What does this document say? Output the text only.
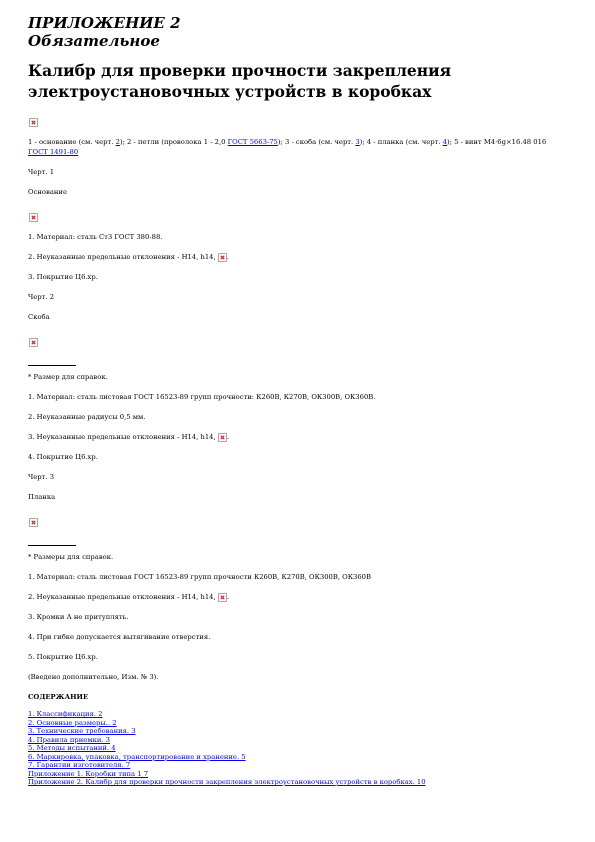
ПРИЛОЖЕНИЕ 2
Обязательное
Калибр для проверки прочности закрепления электроустановочных устройств в коробках
1 - основание (см. черт. 2); 2 - петли (проволока 1 - 2,0 ГОСТ 5663-75); 3 - скоба (см. черт. 3); 4 - планка (см. черт. 4); 5 - винт М4·6g×16.48 016 ГОСТ 1491-80
Черт. 1
Основание
1. Материал: сталь Ст3 ГОСТ 380-88.
2. Неуказанные предельные отклонения - H14, h14, .
3. Покрытие Ц6.хр.
Черт. 2
Скоба
* Размер для справок.
1. Материал: сталь листовая ГОСТ 16523-89 групп прочности: К260В, К270В, ОК300В, ОК360В.
2. Неуказанные радиусы 0,5 мм.
3. Неуказанные предельные отклонения - H14, h14, .
4. Покрытие Ц6.хр.
Черт. 3
Планка
* Размеры для справок.
1. Материал: сталь листовая ГОСТ 16523-89 групп прочности К260В, К270В, ОК300В, ОК360В
2. Неуказанные предельные отклонения - H14, h14, .
3. Кромки А не притуплять.
4. При гибке допускается вытягивание отверстия.
5. Покрытие Ц6.хр.
(Введено дополнительно, Изм. № 3).
СОДЕРЖАНИЕ
1. Классификация. 2
2. Основные размеры.. 2
3. Технические требования. 3
4. Правила приемки. 3
5. Методы испытаний. 4
6. Маркировка, упаковка, транспортирование и хранение. 5
7. Гарантии изготовителя. 7
Приложение 1. Коробки типа 1 7
Приложение 2. Калибр для проверки прочности закрепления электроустановочных устройств в коробках. 10
